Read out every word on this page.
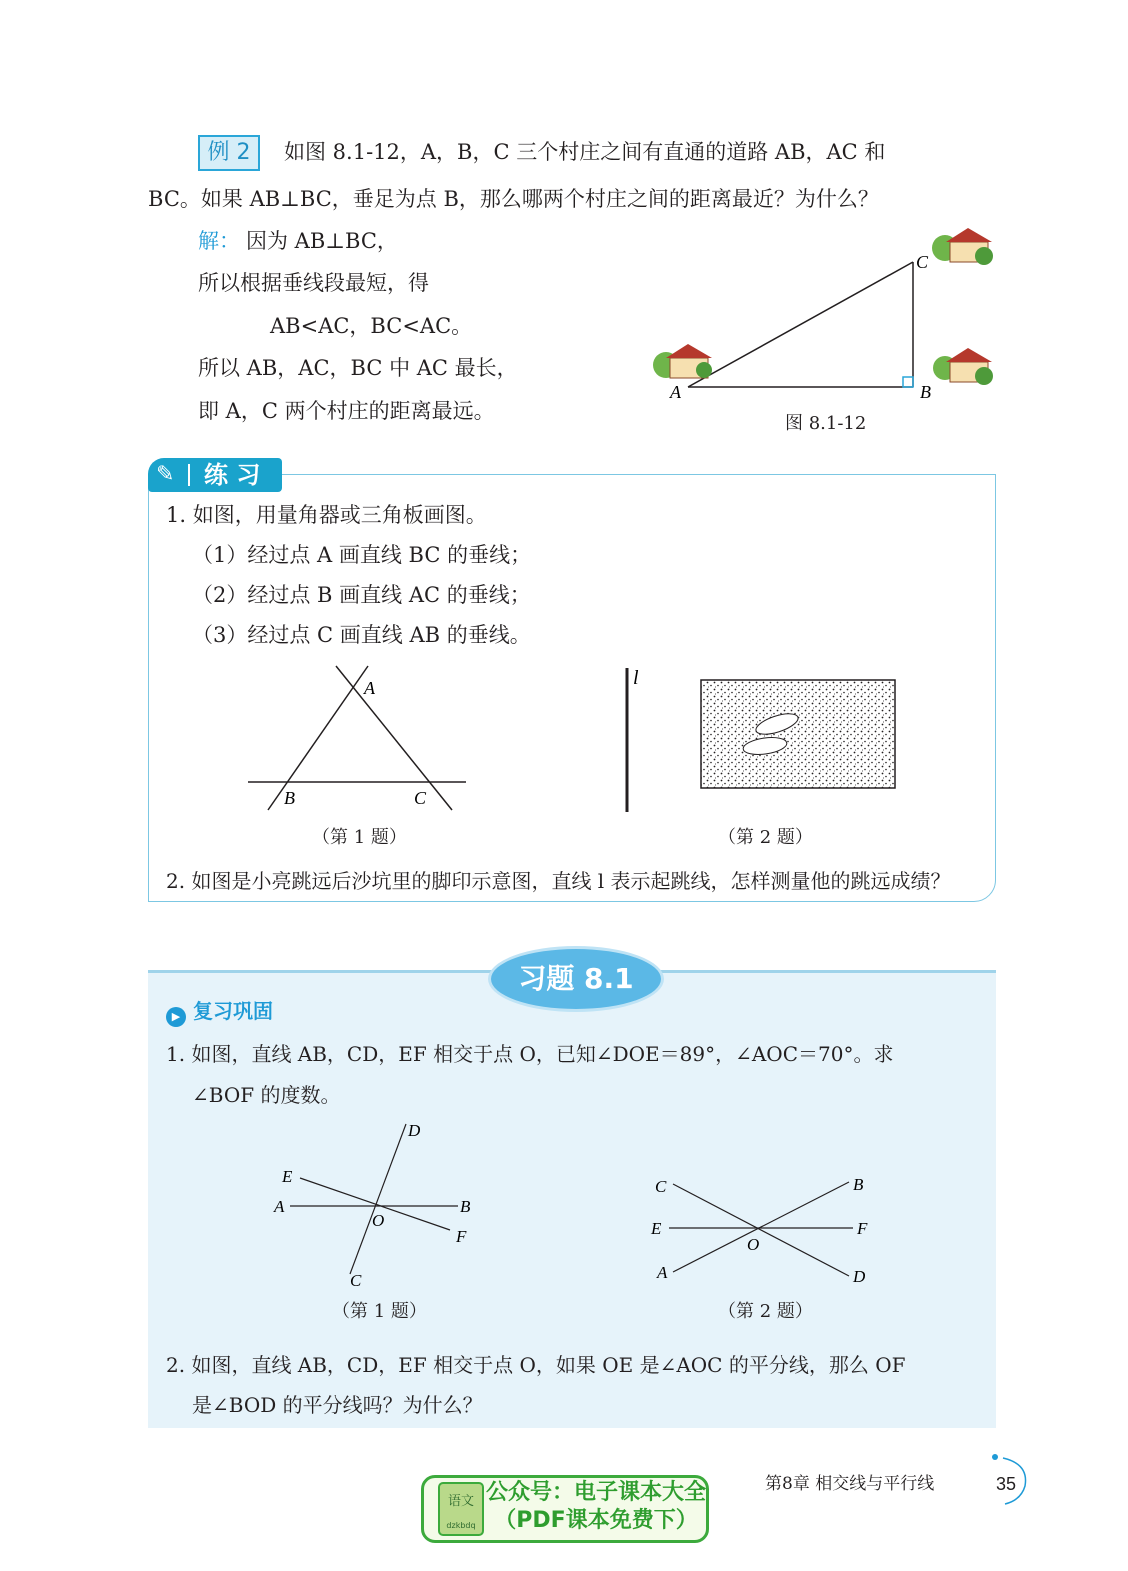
例 2	如图 8.1-12，A，B，C 三个村庄之间有直通的道路 AB，AC 和
BC。如果 AB⊥BC，垂足为点 B，那么哪两个村庄之间的距离最近？为什么？
解： 因为 AB⊥BC，
所以根据垂线段最短，得
AB<AC，BC<AC。
所以 AB，AC，BC 中 AC 最长，
即 A，C 两个村庄的距离最远。
A	B
C
图 8.1-12
✎ 练 习
1. 如图，用量角器或三角板画图。
（1）经过点 A 画直线 BC 的垂线；
（2）经过点 B 画直线 AC 的垂线；
（3）经过点 C 画直线 AB 的垂线。
A
B	C
（第 1 题）
l
（第 2 题）
2. 如图是小亮跳远后沙坑里的脚印示意图，直线 l 表示起跳线，怎样测量他的跳远成绩？
习题 8.1
▶ 复习巩固
1. 如图，直线 AB，CD，EF 相交于点 O，已知∠DOE＝89°，∠AOC＝70°。求
∠BOF 的度数。
D
E
A	B
O
F
C
（第 1 题）
C	B
E	F
O
A	D
（第 2 题）
2. 如图，直线 AB，CD，EF 相交于点 O，如果 OE 是∠AOC 的平分线，那么 OF
是∠BOD 的平分线吗？为什么？
第8章 相交线与平行线	35
语文
dzkbdq
公众号：电子课本大全
（PDF课本免费下）
